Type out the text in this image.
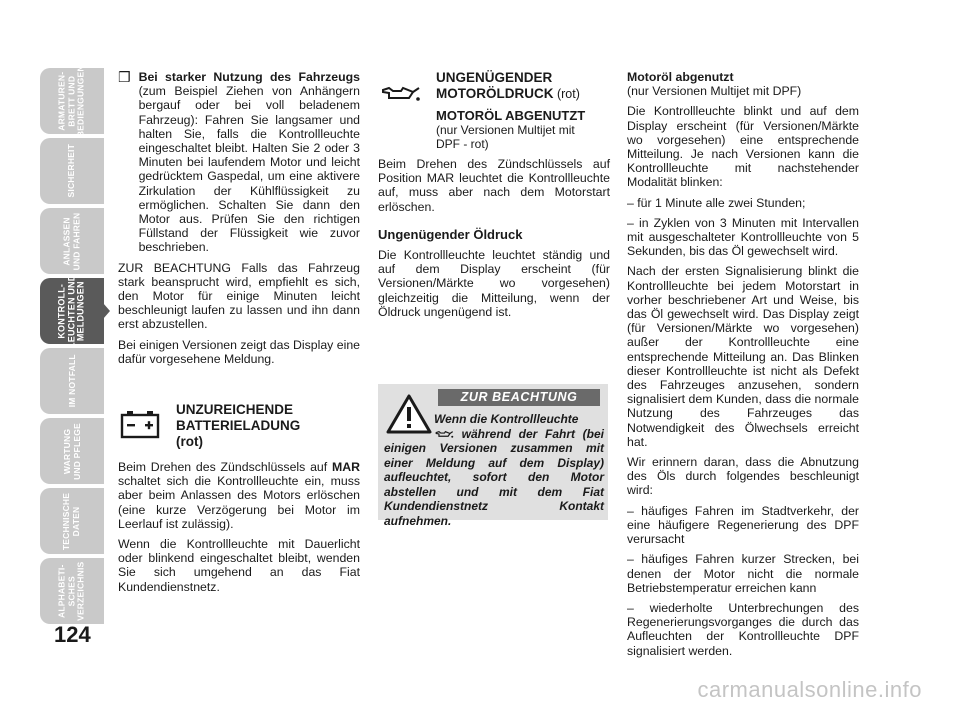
ARMATUREN-
BRETT UND
BEDIENGUNGEN
SICHERHEIT
ANLASSEN
UND FAHREN
KONTROLL-
LEUCHTEN UND
MELDUNGEN
IM NOTFALL
WARTUNG
UND PFLEGE
TECHNISCHE
DATEN
ALPHABETI-
SCHES
VERZEICHNIS
124
❒ Bei starker Nutzung des Fahrzeugs (zum Beispiel Ziehen von Anhängern bergauf oder bei voll beladenem Fahrzeug): Fahren Sie langsamer und halten Sie, falls die Kontrollleuchte eingeschaltet bleibt. Halten Sie 2 oder 3 Minuten bei laufendem Motor und leicht gedrücktem Gaspedal, um eine aktivere Zirkulation der Kühlflüssigkeit zu ermöglichen. Schalten Sie dann den Motor aus. Prüfen Sie den richtigen Füllstand der Flüssigkeit wie zuvor beschrieben.

ZUR BEACHTUNG Falls das Fahrzeug stark beansprucht wird, empfiehlt es sich, den Motor für einige Minuten leicht beschleunigt laufen zu lassen und ihn dann erst abzustellen.

Bei einigen Versionen zeigt das Display eine dafür vorgesehene Meldung.

UNZUREICHENDE
BATTERIELADUNG
(rot)

Beim Drehen des Zündschlüssels auf MAR schaltet sich die Kontrollleuchte ein, muss aber beim Anlassen des Motors erlöschen (eine kurze Verzögerung bei Motor im Leerlauf ist zulässig).

Wenn die Kontrollleuchte mit Dauerlicht oder blinkend eingeschaltet bleibt, wenden Sie sich umgehend an das Fiat Kundendienstnetz.

UNGENÜGENDER
MOTORÖLDRUCK (rot)
MOTORÖL ABGENUTZT
(nur Versionen Multijet mit
DPF - rot)

Beim Drehen des Zündschlüssels auf Position MAR leuchtet die Kontrollleuchte auf, muss aber nach dem Motorstart erlöschen.

Ungenügender Öldruck

Die Kontrollleuchte leuchtet ständig und auf dem Display erscheint (für Versionen/Märkte wo vorgesehen) gleichzeitig die Mitteilung, wenn der Öldruck ungenügend ist.

ZUR BEACHTUNG
Wenn die Kontrollleuchte
während der Fahrt (bei einigen Versionen zusammen mit einer Meldung auf dem Display) aufleuchtet, sofort den Motor abstellen und mit dem Fiat Kundendienstnetz Kontakt aufnehmen.
Motoröl abgenutzt

(nur Versionen Multijet mit DPF)

Die Kontrollleuchte blinkt und auf dem Display erscheint (für Versionen/Märkte wo vorgesehen) eine entsprechende Mitteilung. Je nach Versionen kann die Kontrollleuchte mit nachstehender Modalität blinken:

– für 1 Minute alle zwei Stunden;

– in Zyklen von 3 Minuten mit Intervallen mit ausgeschalteter Kontrollleuchte von 5 Sekunden, bis das Öl gewechselt wird.

Nach der ersten Signalisierung blinkt die Kontrollleuchte bei jedem Motorstart in vorher beschriebener Art und Weise, bis das Öl gewechselt wird. Das Display zeigt (für Versionen/Märkte wo vorgesehen) außer der Kontrollleuchte eine entsprechende Mitteilung an. Das Blinken dieser Kontrollleuchte ist nicht als Defekt des Fahrzeuges anzusehen, sondern signalisiert dem Kunden, dass die normale Nutzung des Fahrzeuges das Notwendigkeit des Ölwechsels erreicht hat.

Wir erinnern daran, dass die Abnutzung des Öls durch folgendes beschleunigt wird:

– häufiges Fahren im Stadtverkehr, der eine häufigere Regenerierung des DPF verursacht

– häufiges Fahren kurzer Strecken, bei denen der Motor nicht die normale Betriebstemperatur erreichen kann

– wiederholte Unterbrechungen des Regenerierungsvorganges die durch das Aufleuchten der Kontrollleuchte DPF signalisiert werden.

carmanualsonline.info
